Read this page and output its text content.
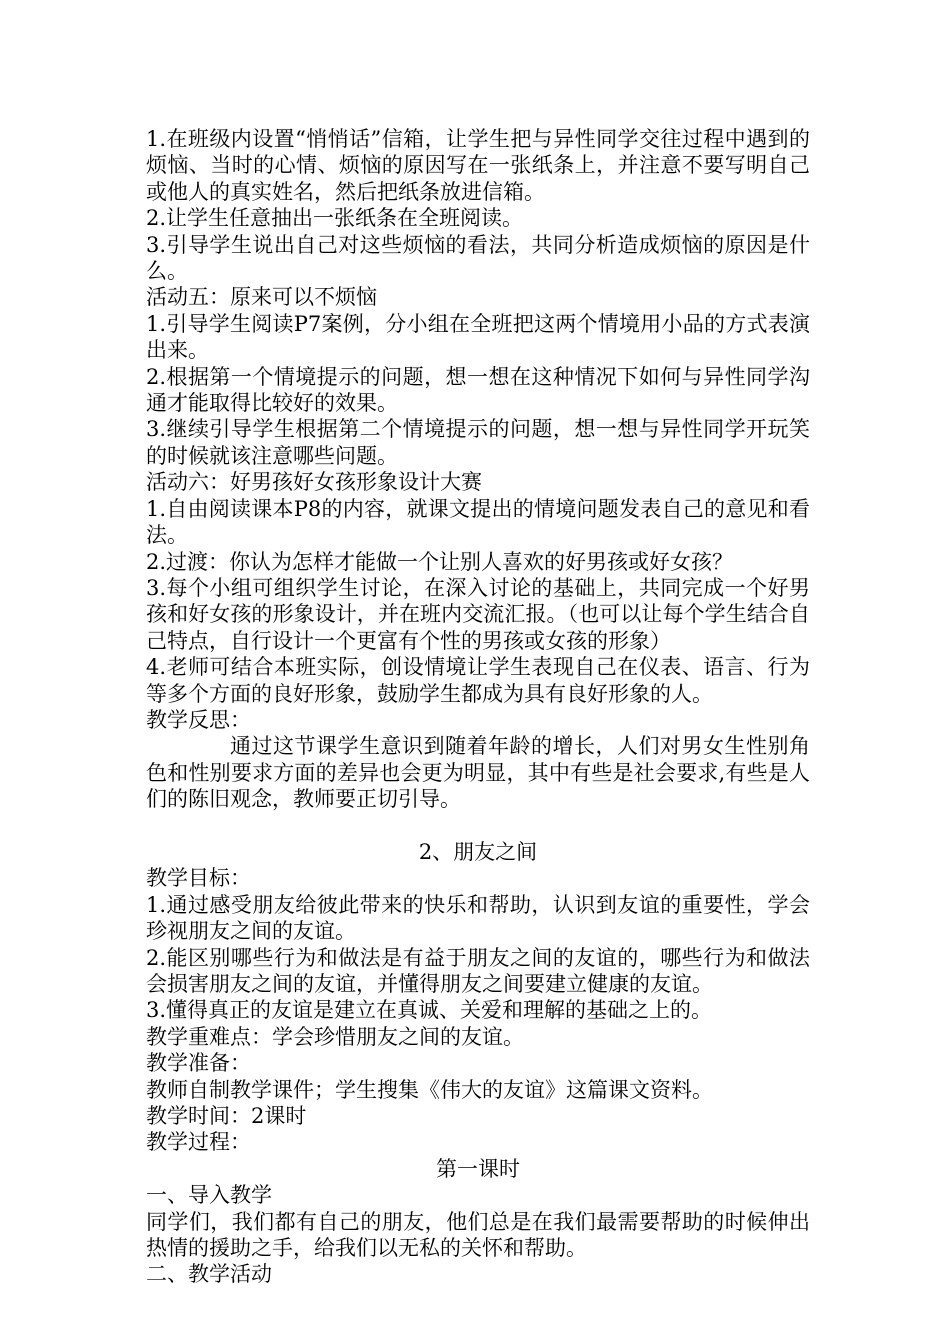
1.在班级内设置“悄悄话”信箱，让学生把与异性同学交往过程中遇到的烦恼、当时的心情、烦恼的原因写在一张纸条上，并注意不要写明自己或他人的真实姓名，然后把纸条放进信箱。

2.让学生任意抽出一张纸条在全班阅读。

3.引导学生说出自己对这些烦恼的看法，共同分析造成烦恼的原因是什么。

活动五：原来可以不烦恼

1.引导学生阅读P7案例，分小组在全班把这两个情境用小品的方式表演出来。

2.根据第一个情境提示的问题，想一想在这种情况下如何与异性同学沟通才能取得比较好的效果。

3.继续引导学生根据第二个情境提示的问题，想一想与异性同学开玩笑的时候就该注意哪些问题。

活动六：好男孩好女孩形象设计大赛

1.自由阅读课本P8的内容，就课文提出的情境问题发表自己的意见和看法。

2.过渡：你认为怎样才能做一个让别人喜欢的好男孩或好女孩？

3.每个小组可组织学生讨论，在深入讨论的基础上，共同完成一个好男孩和好女孩的形象设计，并在班内交流汇报。（也可以让每个学生结合自己特点，自行设计一个更富有个性的男孩或女孩的形象）

4.老师可结合本班实际，创设情境让学生表现自己在仪表、语言、行为等多个方面的良好形象，鼓励学生都成为具有良好形象的人。

教学反思：

通过这节课学生意识到随着年龄的增长，人们对男女生性别角色和性别要求方面的差异也会更为明显，其中有些是社会要求,有些是人们的陈旧观念，教师要正切引导。

2、朋友之间

教学目标：

1.通过感受朋友给彼此带来的快乐和帮助，认识到友谊的重要性，学会珍视朋友之间的友谊。

2.能区别哪些行为和做法是有益于朋友之间的友谊的，哪些行为和做法会损害朋友之间的友谊，并懂得朋友之间要建立健康的友谊。

3.懂得真正的友谊是建立在真诚、关爱和理解的基础之上的。

教学重难点：学会珍惜朋友之间的友谊。

教学准备：

教师自制教学课件；学生搜集《伟大的友谊》这篇课文资料。

教学时间：2课时

教学过程：

第一课时

一、导入教学

同学们，我们都有自己的朋友，他们总是在我们最需要帮助的时候伸出热情的援助之手，给我们以无私的关怀和帮助。

二、教学活动
